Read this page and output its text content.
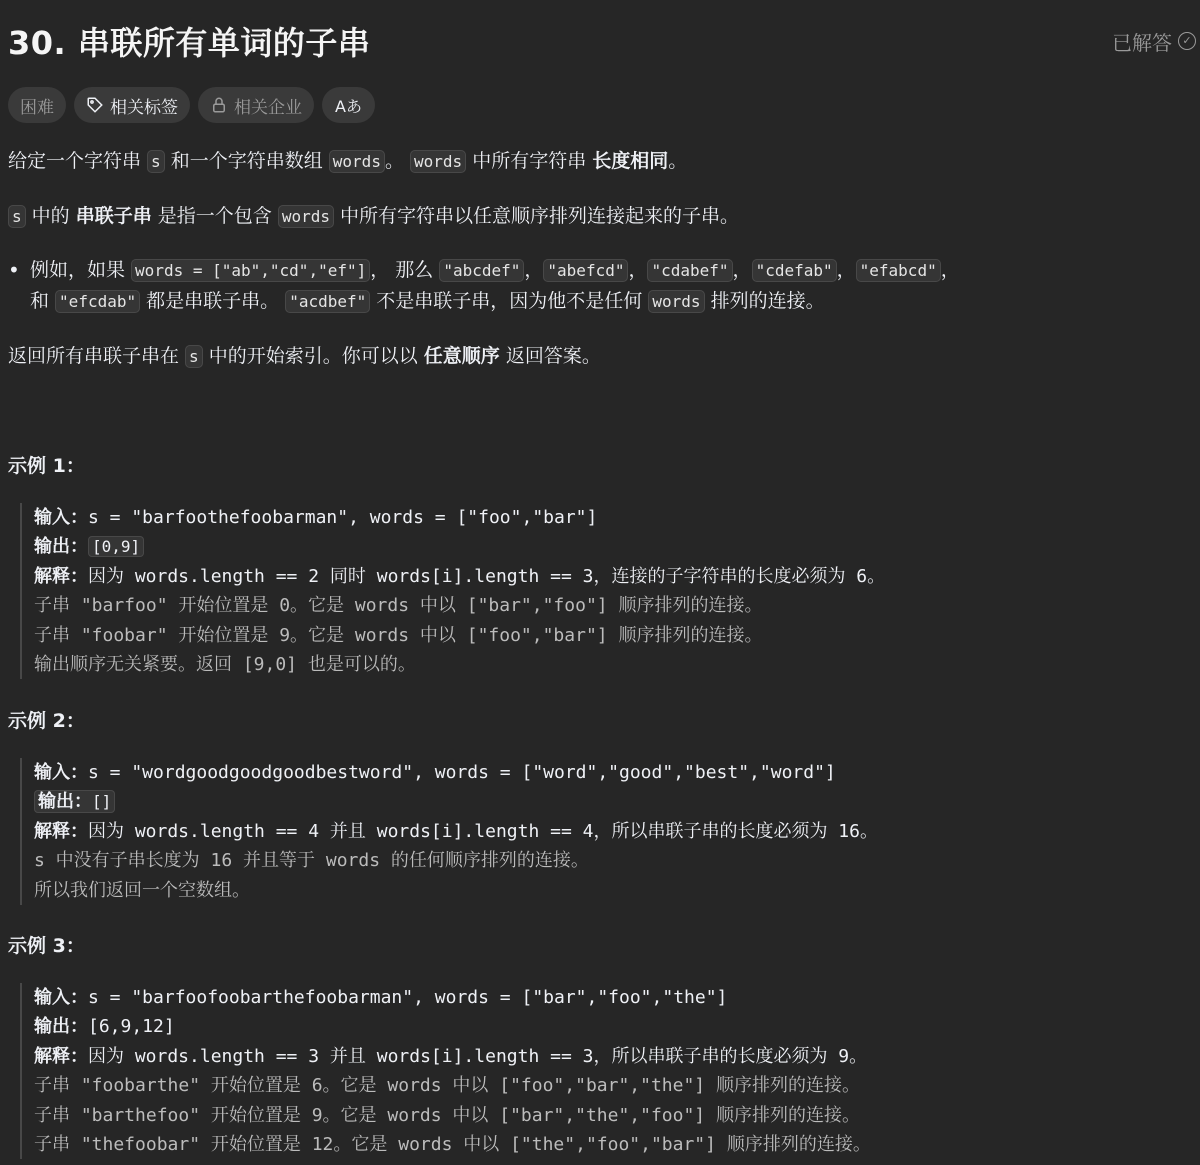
30. 串联所有单词的子串	已解答 ✓
困难	相关标签	相关企业 Aあ

给定一个字符串 s 和一个字符串数组 words 。 words 中所有字符串 长度相同。

s 中的 串联子串 是指一个包含 words 中所有字符串以任意顺序排列连接起来的子串。

• 例如，如果 words = ["ab","cd","ef"] ， 那么 "abcdef" ， "abefcd" ， "cdabef" ， "cdefab" ， "efabcd" ，
和 "efcdab" 都是串联子串。 "acdbef" 不是串联子串，因为他不是任何 words 排列的连接。

返回所有串联子串在 s 中的开始索引。你可以以 任意顺序 返回答案。

示例 1：
输入：s = "barfoothefoobarman", words = ["foo","bar"]
输出： [0,9]
解释：因为 words.length == 2 同时 words[i].length == 3，连接的子字符串的长度必须为 6。
子串 "barfoo" 开始位置是 0。它是 words 中以 ["bar","foo"] 顺序排列的连接。
子串 "foobar" 开始位置是 9。它是 words 中以 ["foo","bar"] 顺序排列的连接。
输出顺序无关紧要。返回 [9,0] 也是可以的。
示例 2：
输入：s = "wordgoodgoodgoodbestword", words = ["word","good","best","word"]
输出：[]
解释：因为 words.length == 4 并且 words[i].length == 4，所以串联子串的长度必须为 16。
s 中没有子串长度为 16 并且等于 words 的任何顺序排列的连接。
所以我们返回一个空数组。
示例 3：
输入：s = "barfoofoobarthefoobarman", words = ["bar","foo","the"]
输出：[6,9,12]
解释：因为 words.length == 3 并且 words[i].length == 3，所以串联子串的长度必须为 9。
子串 "foobarthe" 开始位置是 6。它是 words 中以 ["foo","bar","the"] 顺序排列的连接。
子串 "barthefoo" 开始位置是 9。它是 words 中以 ["bar","the","foo"] 顺序排列的连接。
子串 "thefoobar" 开始位置是 12。它是 words 中以 ["the","foo","bar"] 顺序排列的连接。
